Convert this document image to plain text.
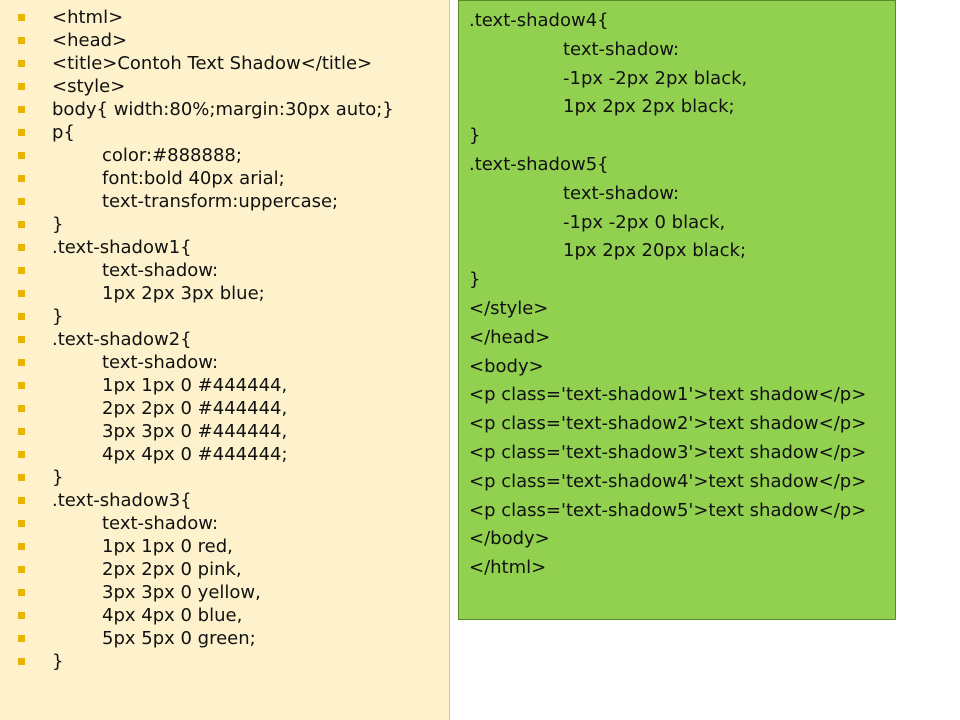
<html>
<head>
<title>Contoh Text Shadow</title>
<style>
body{ width:80%;margin:30px auto;}
p{
color:#888888;
font:bold 40px arial;
text-transform:uppercase;
}
.text-shadow1{
text-shadow:
1px 2px 3px blue;
}
.text-shadow2{
text-shadow:
1px 1px 0 #444444,
2px 2px 0 #444444,
3px 3px 0 #444444,
4px 4px 0 #444444;
}
.text-shadow3{
text-shadow:
1px 1px 0 red,
2px 2px 0 pink,
3px 3px 0 yellow,
4px 4px 0 blue,
5px 5px 0 green;
}
.text-shadow4{
text-shadow:
-1px -2px 2px black,
1px 2px 2px black;
}
.text-shadow5{
text-shadow:
-1px -2px 0 black,
1px 2px 20px black;
}
</style>
</head>
<body>
<p class='text-shadow1'>text shadow</p>
<p class='text-shadow2'>text shadow</p>
<p class='text-shadow3'>text shadow</p>
<p class='text-shadow4'>text shadow</p>
<p class='text-shadow5'>text shadow</p>
</body>
</html>
